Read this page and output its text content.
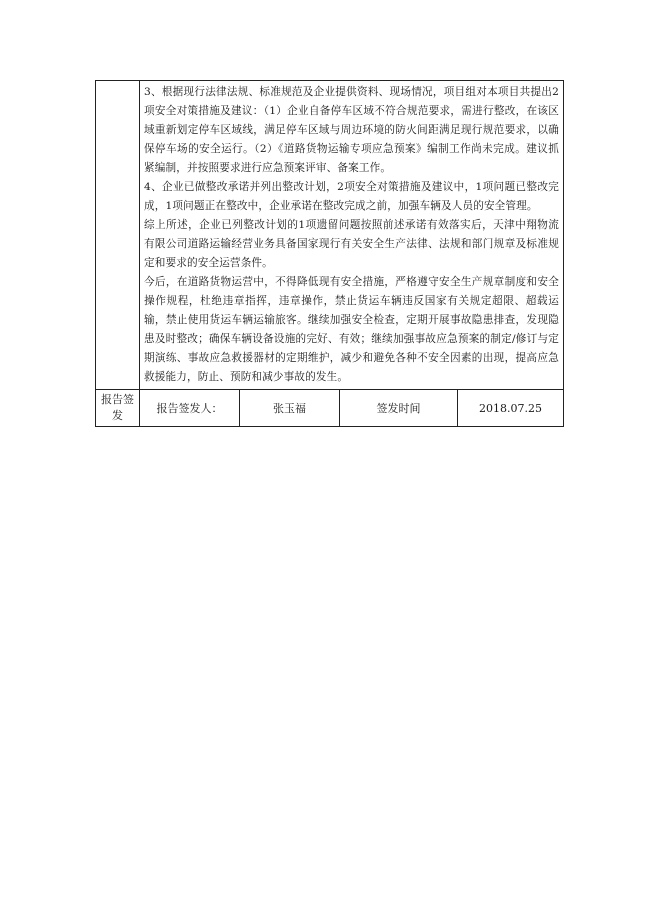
	3、根据现行法律法规、标准规范及企业提供资料、现场情况，项目组对本项目共提出2项安全对策措施及建议：（1）企业自备停车区域不符合规范要求，需进行整改，在该区域重新划定停车区域线，满足停车区域与周边环境的防火间距满足现行规范要求，以确保停车场的安全运行。（2）《道路货物运输专项应急预案》编制工作尚未完成。建议抓紧编制，并按照要求进行应急预案评审、备案工作。

4、企业已做整改承诺并列出整改计划，2项安全对策措施及建议中，1项问题已整改完成，1项问题正在整改中，企业承诺在整改完成之前，加强车辆及人员的安全管理。

综上所述，企业已列整改计划的1项遗留问题按照前述承诺有效落实后，天津中翔物流有限公司道路运输经营业务具备国家现行有关安全生产法律、法规和部门规章及标准规定和要求的安全运营条件。

今后，在道路货物运营中，不得降低现有安全措施，严格遵守安全生产规章制度和安全操作规程，杜绝违章指挥，违章操作，禁止货运车辆违反国家有关规定超限、超载运输，禁止使用货运车辆运输旅客。继续加强安全检查，定期开展事故隐患排查，发现隐患及时整改；确保车辆设备设施的完好、有效；继续加强事故应急预案的制定/修订与定期演练、事故应急救援器材的定期维护，减少和避免各种不安全因素的出现，提高应急救援能力，防止、预防和减少事故的发生。			

报告签发	报告签发人：	张玉福	签发时间	2018.07.25
